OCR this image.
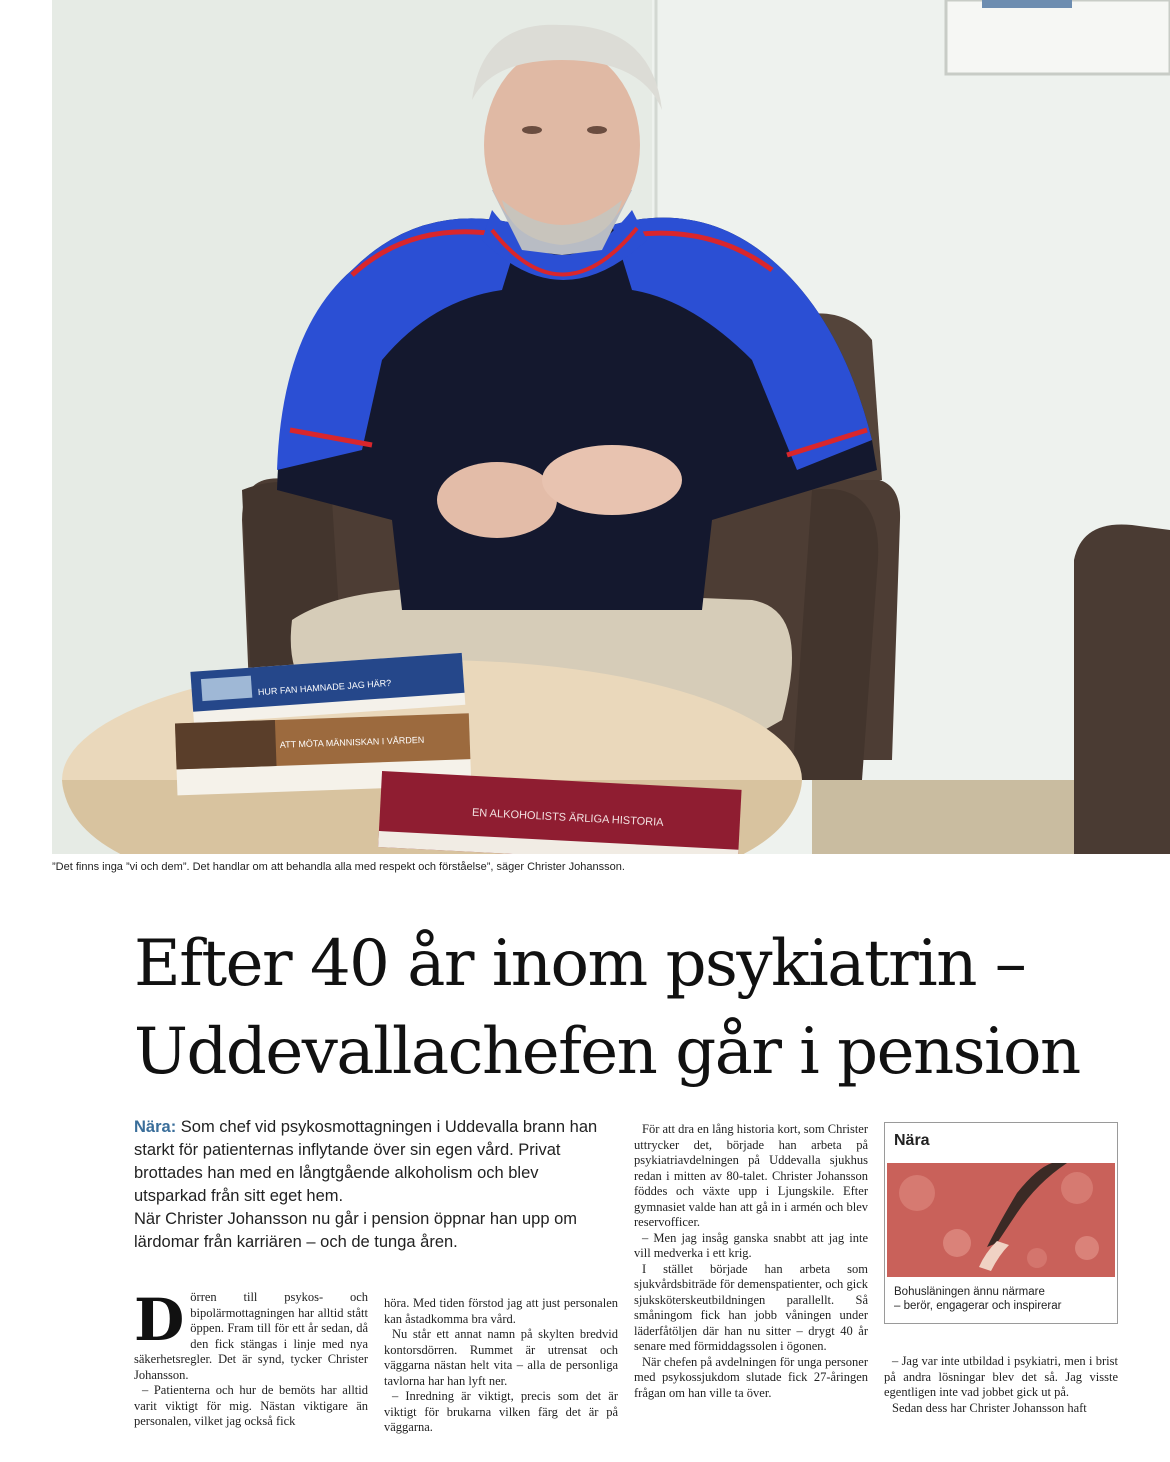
HUR FAN HAMNADE JAG HÄR?
ATT MÖTA MÄNNISKAN I VÅRDEN
EN ALKOHOLISTS ÄRLIGA HISTORIA
”Det finns inga ”vi och dem”. Det handlar om att behandla alla med respekt och förståelse”, säger Christer Johansson.
Efter 40 år inom psykiatrin –
Uddevallachefen går i pension

Nära: Som chef vid psykosmottagningen i Uddevalla brann han starkt för patienternas inflytande över sin egen vård. Privat brottades han med en långtgående alkoholism och blev utsparkad från sitt eget hem.

När Christer Johansson nu går i pension öppnar han upp om lärdomar från karriären – och de tunga åren.

Dörren till psykos- och bipolärmottagningen har alltid stått öppen. Fram till för ett år sedan, då den fick stängas i linje med nya säkerhetsregler. Det är synd, tycker Christer Johansson.

– Patienterna och hur de bemöts har alltid varit viktigt för mig. Nästan viktigare än personalen, vilket jag också fick

höra. Med tiden förstod jag att just personalen kan åstadkomma bra vård.

Nu står ett annat namn på skylten bredvid kontorsdörren. Rummet är utrensat och väggarna nästan helt vita – alla de personliga tavlorna har han lyft ner.

– Inredning är viktigt, precis som det är viktigt för brukarna vilken färg det är på väggarna.

För att dra en lång historia kort, som Christer uttrycker det, började han arbeta på psykiatriavdelningen på Uddevalla sjukhus redan i mitten av 80-talet. Christer Johansson föddes och växte upp i Ljungskile. Efter gymnasiet valde han att gå in i armén och blev reservofficer.

– Men jag insåg ganska snabbt att jag inte vill medverka i ett krig.

I stället började han arbeta som sjukvårdsbiträde för demenspatienter, och gick sjuksköterskeutbildningen parallellt. Så småningom fick han jobb våningen under läderfåtöljen där han nu sitter – drygt 40 år senare med förmiddagssolen i ögonen.

När chefen på avdelningen för unga personer med psykossjukdom slutade fick 27-åringen frågan om han ville ta över.

Nära
Bohusläningen ännu närmare
– berör, engagerar och inspirerar

– Jag var inte utbildad i psykiatri, men i brist på andra lösningar blev det så. Jag visste egentligen inte vad jobbet gick ut på.

Sedan dess har Christer Johansson haft
